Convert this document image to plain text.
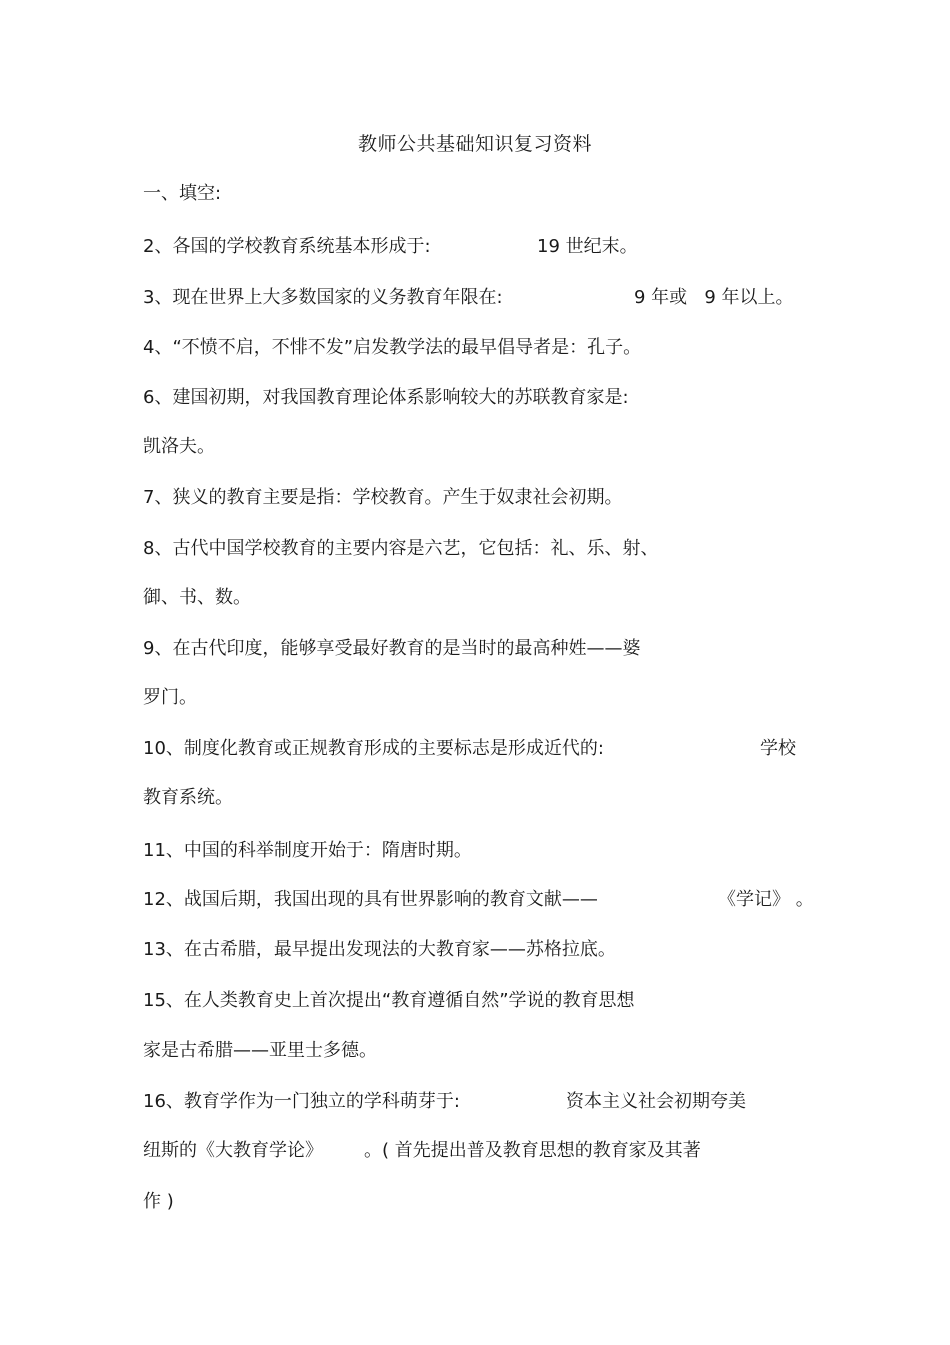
教师公共基础知识复习资料
一、填空:
2、各国的学校教育系统基本形成于:	19 世纪末。
3、现在世界上大多数国家的义务教育年限在:	9 年或   9 年以上。
4、“不愤不启，不悱不发”启发教学法的最早倡导者是：孔子。
6、建国初期，对我国教育理论体系影响较大的苏联教育家是:
凯洛夫。
7、狭义的教育主要是指：学校教育。产生于奴隶社会初期。
8、古代中国学校教育的主要内容是六艺，它包括：礼、乐、射、
御、书、数。
9、在古代印度，能够享受最好教育的是当时的最高种姓——婆
罗门。
10、制度化教育或正规教育形成的主要标志是形成近代的:	学校
教育系统。
11、中国的科举制度开始于：隋唐时期。
12、战国后期，我国出现的具有世界影响的教育文献——	《学记》 。
13、在古希腊，最早提出发现法的大教育家——苏格拉底。
15、在人类教育史上首次提出“教育遵循自然”学说的教育思想
家是古希腊——亚里士多德。
16、教育学作为一门独立的学科萌芽于:	资本主义社会初期夸美
纽斯的《大教育学论》 。( 首先提出普及教育思想的教育家及其著
作 )
